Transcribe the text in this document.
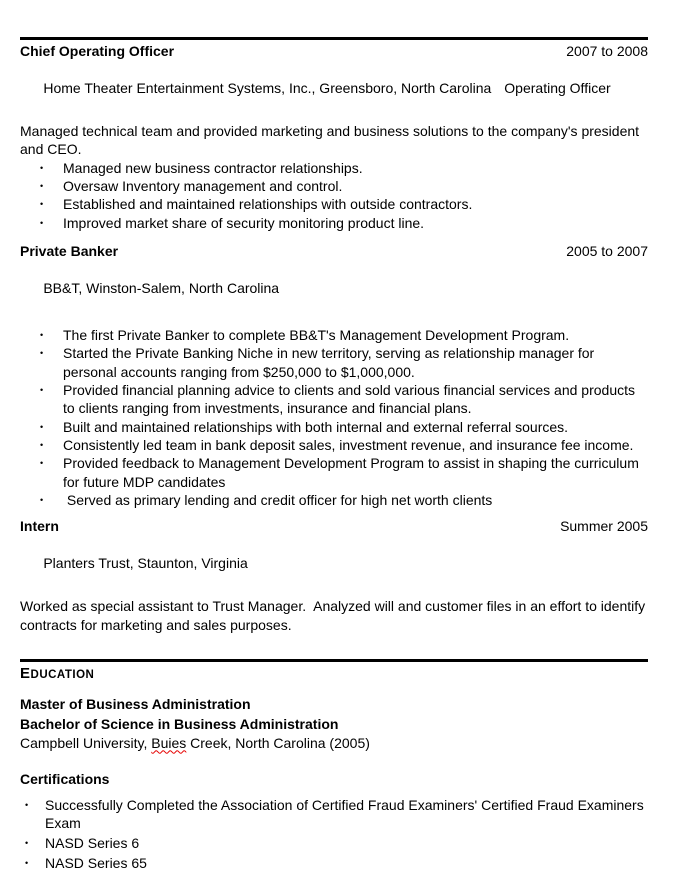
Chief Operating Officer	2007 to 2008

Home Theater Entertainment Systems, Inc., Greensboro, North Carolina Operating Officer

Managed technical team and provided marketing and business solutions to the company's president and CEO.
•	Managed new business contractor relationships.
•	Oversaw Inventory management and control.
•	Established and maintained relationships with outside contractors.
•	Improved market share of security monitoring product line.
Private Banker	2005 to 2007

BB&T, Winston-Salem, North Carolina

•	The first Private Banker to complete BB&T's Management Development Program.
•	Started the Private Banking Niche in new territory, serving as relationship manager for personal accounts ranging from $250,000 to $1,000,000.
•	Provided financial planning advice to clients and sold various financial services and products to clients ranging from investments, insurance and financial plans.
•	Built and maintained relationships with both internal and external referral sources.
•	Consistently led team in bank deposit sales, investment revenue, and insurance fee income.
•	Provided feedback to Management Development Program to assist in shaping the curriculum for future MDP candidates
•	Served as primary lending and credit officer for high net worth clients
Intern	Summer 2005

Planters Trust, Staunton, Virginia

Worked as special assistant to Trust Manager.  Analyzed will and customer files in an effort to identify contracts for marketing and sales purposes.
EDUCATION
Master of Business Administration
Bachelor of Science in Business Administration
Campbell University, Buies Creek, North Carolina (2005)
Certifications
•	Successfully Completed the Association of Certified Fraud Examiners' Certified Fraud Examiners Exam
•	NASD Series 6
•	NASD Series 65
